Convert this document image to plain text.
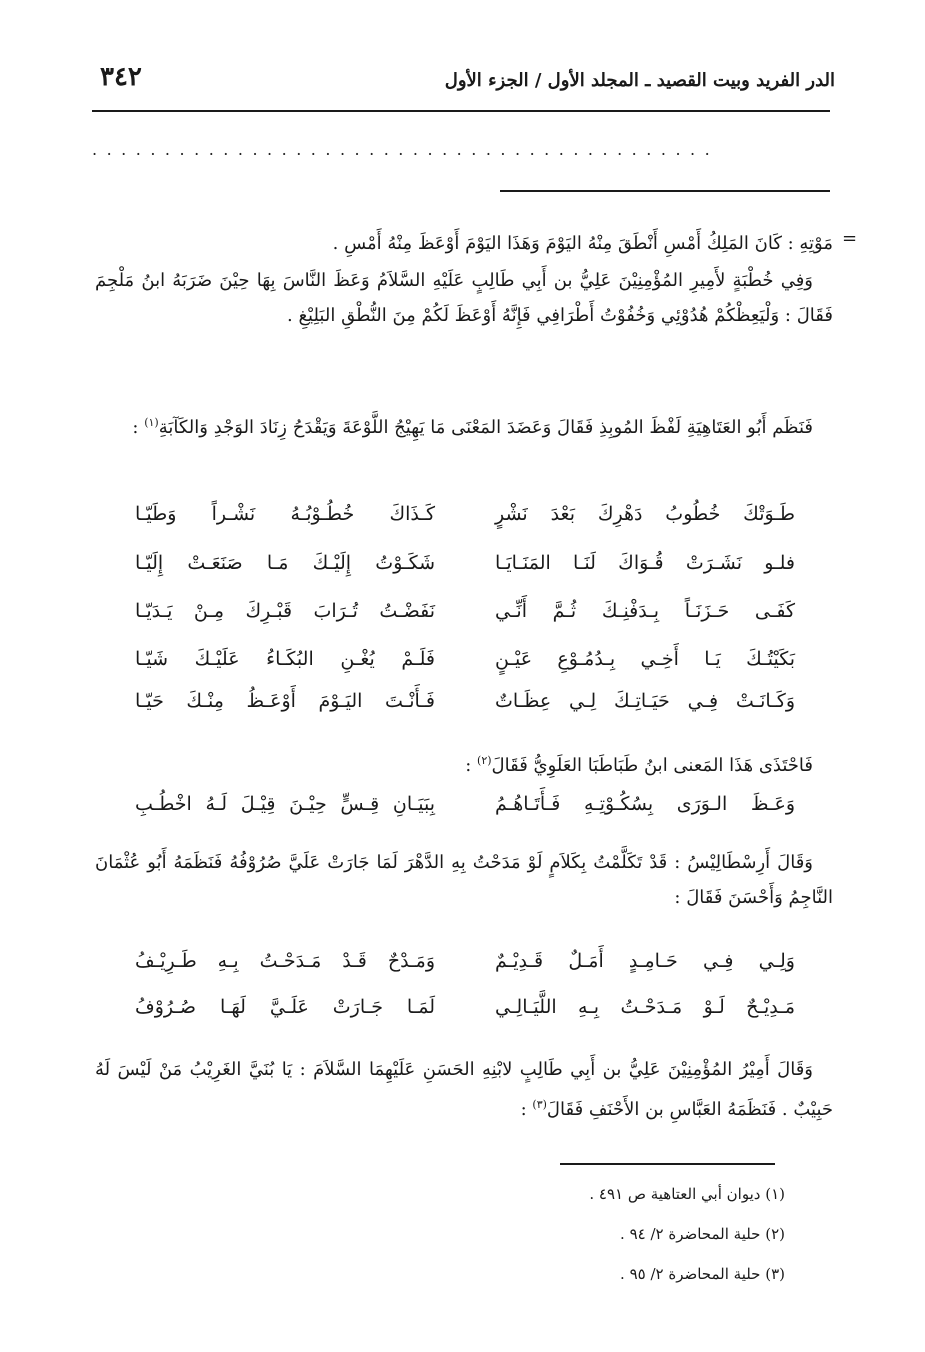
الدر الفريد وبيت القصيد ـ المجلد الأول / الجزء الأول
٣٤٢
...........................................
=
مَوْتِهِ : كَانَ المَلِكُ أَمْسِ أَنْطَقَ مِنْهُ اليَوْمَ وَهَذَا اليَوْمَ أَوْعَظَ مِنْهُ أَمْسِ .
وَفِي خُطْبَةٍ لأَمِيرِ المُؤْمِنِيْنَ عَلِيُّ بن أَبِي طَالِبٍ عَلَيْهِ السَّلاَمُ وَعَظَ النَّاسَ بِهَا حِيْنَ ضَرَبَهُ ابنُ مَلْجِمَ فَقَالَ : وَلْيَعِظْكُمْ هُدُوْئِي وَخُفُوْتُ أَطْرَافِي فَإِنَّهُ أَوْعَظَ لَكُمْ مِنَ النُّطْقِ البَلِيْغِ .
فَنَظَم أَبُو العَتَاهِيَةِ لَفْظَ المُوبِذِ فَقَالَ وَعَضَدَ المَعْنَى مَا يَهِيْجُ اللَّوْعَةَ وَيَقْدَحُ زِنَادَ الوَجْدِ وَالكَآبَةِ$^{(١)}$ :
طَـوَتْكَ خُطُوبُ دَهْرِكَ بَعْدَ نَشْرٍ
كَـذَاكَ خُطُـوْبُـهُ نَشْـراً وَطَيّـا
فلـو نَشَـرَتْ قُـوَاكَ لَنَـا المَنَـايَـا
شَكَـوْتُ إِلَيْـكَ مَـا صَنَعَـتْ إِلَيّـا
كَفَـى حَـزَنَـاً بِـدَفْنِـكَ ثُـمَّ أَنِّـي
نَفَضْـتُ تُـرَابَ قَبْـرِكَ مِـنْ يَـدَيّـا
بَكَيْتُـكَ يَـا أَخِـي بِـدُمُـوْعِ عَيْـنٍ
فَلَـمْ يُغْـنِ البُكَـاءُ عَلَيْـكَ شَيّـا
وَكَـانَـتْ فِـي حَيَـاتِـكَ لِـي عِظَـاتٌ
فَـأَنْـتَ اليَـوْمَ أَوْعَـظُ مِنْـكَ حَيّـا
فَاحْتَذَى هَذَا المَعنى ابنُ طَبَاطَبَا العَلَوِيُّ فَقَالَ$^{(٢)}$ :
وَعَـظَ الـوَرَى بِسُكُـوْتِـهِ فَـأَتَـاهُـمُ
بِبَيَـانِ قِـسٍّ حِيْـنَ قِيْـلَ لَـهُ اخْطُـبِ
وَقَالَ أَرِسْطَالِيْسُ : قَدْ تَكَلَّمْتُ بِكَلاَمٍ لَوْ مَدَحْتُ بِهِ الدَّهْرَ لَمَا جَارَتْ عَلَيَّ صُرُوْفُهُ فَنَظَمَهُ أَبُو عُثْمَانَ النَّاجِمُ وَأَحْسَنَ فَقَالَ :
وَلِـي فِـي حَـامِـدٍ أَمَـلٌ قَـدِيْـمٌ
وَمَـدْحٌ قَـدْ مَـدَحْـتُ بِـهِ طَـرِيْـفُ
مَـدِيْـحٌ لَـوْ مَـدَحْـتُ بِـهِ اللَّيَـالِـي
لَمَـا جَـارَتْ عَلَـيَّ لَهَـا صُـرُوْفُ
وَقَالَ أَمِيْرُ المُؤْمِنِيْنَ عَلِيُّ بن أَبِي طَالِبٍ لابْنِهِ الحَسَنِ عَلَيْهِمَا السَّلاَمَ : يَا بُنَيَّ الغَرِيْبُ مَنْ لَيْسَ لَهُ حَبِيْبٌ . فَنَظَمَهُ العَبَّاسِ بن الأَحْنَفِ فَقَالَ$^{(٣)}$ :
(١) ديوان أبي العتاهية ص ٤٩١ .
(٢) حلية المحاضرة ٢/ ٩٤ .
(٣) حلية المحاضرة ٢/ ٩٥ .
